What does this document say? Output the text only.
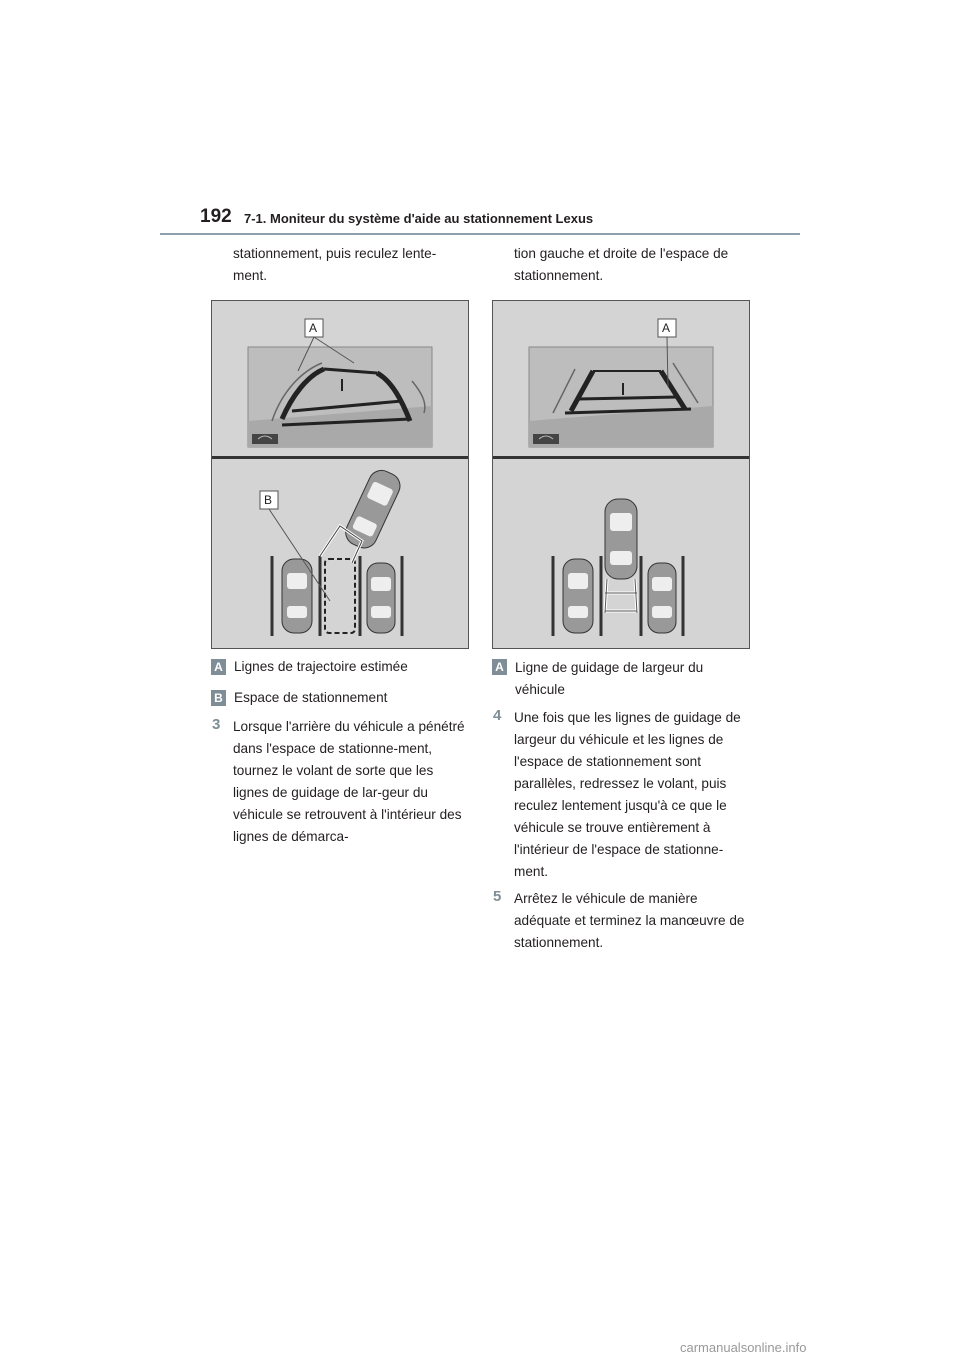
192 7-1. Moniteur du système d'aide au stationnement Lexus
stationnement, puis reculez lente-
ment.
A
B
A Lignes de trajectoire estimée
B Espace de stationnement
3 Lorsque l'arrière du véhicule a pénétré dans l'espace de stationne-ment, tournez le volant de sorte que les lignes de guidage de lar-geur du véhicule se retrouvent à l'intérieur des lignes de démarca-
tion gauche et droite de l'espace de
stationnement.
A
A Ligne de guidage de largeur du véhicule
4 Une fois que les lignes de guidage de largeur du véhicule et les lignes de l'espace de stationnement sont parallèles, redressez le volant, puis reculez lentement jusqu'à ce que le véhicule se trouve entièrement à l'intérieur de l'espace de stationne-ment.
5 Arrêtez le véhicule de manière adéquate et terminez la manœuvre de stationnement.
carmanualsonline.info
